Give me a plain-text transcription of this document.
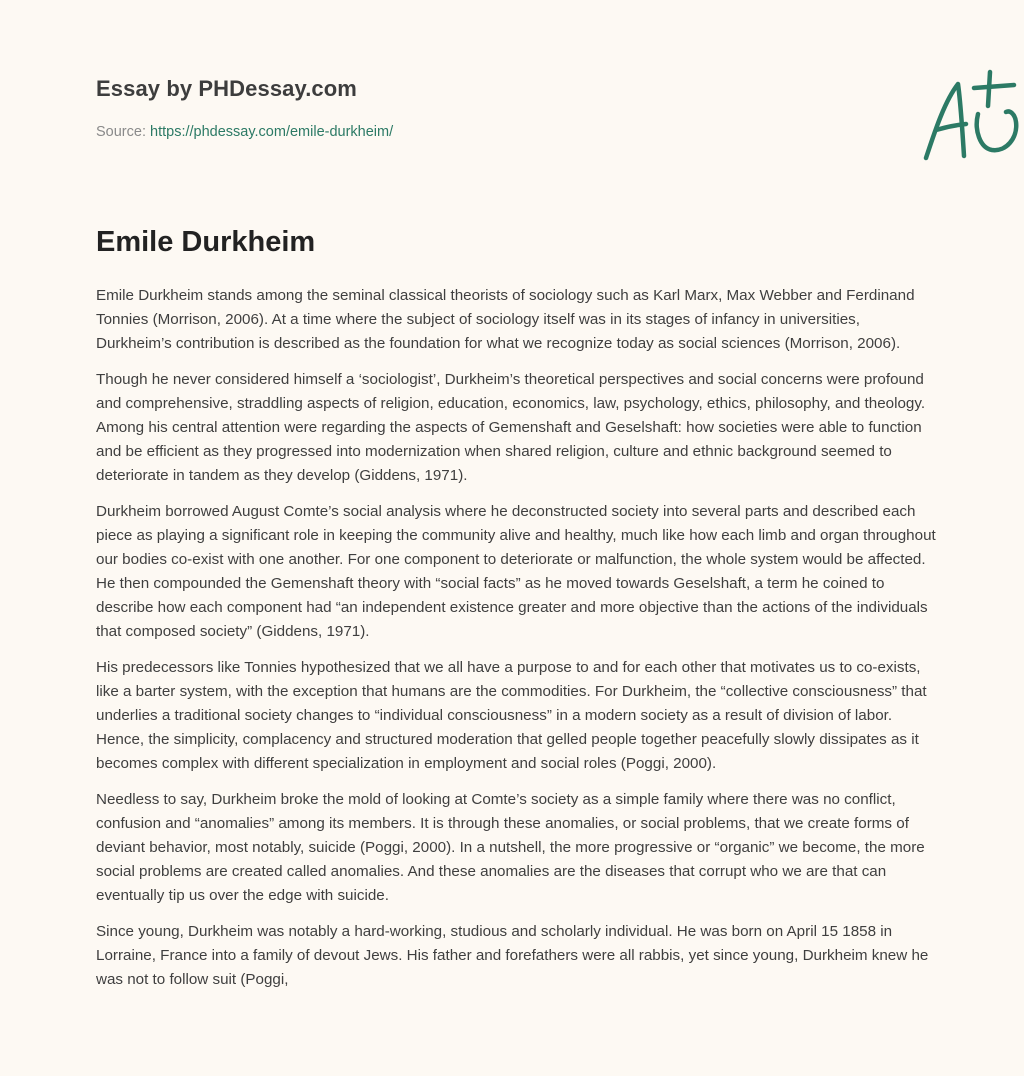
Essay by PHDessay.com
Source: https://phdessay.com/emile-durkheim/
Emile Durkheim

Emile Durkheim stands among the seminal classical theorists of sociology such as Karl Marx, Max Webber and Ferdinand Tonnies (Morrison, 2006). At a time where the subject of sociology itself was in its stages of infancy in universities, Durkheim’s contribution is described as the foundation for what we recognize today as social sciences (Morrison, 2006).

Though he never considered himself a ‘sociologist’, Durkheim’s theoretical perspectives and social concerns were profound and comprehensive, straddling aspects of religion, education, economics, law, psychology, ethics, philosophy, and theology. Among his central attention were regarding the aspects of Gemenshaft and Geselshaft: how societies were able to function and be efficient as they progressed into modernization when shared religion, culture and ethnic background seemed to deteriorate in tandem as they develop (Giddens, 1971).

Durkheim borrowed August Comte’s social analysis where he deconstructed society into several parts and described each piece as playing a significant role in keeping the community alive and healthy, much like how each limb and organ throughout our bodies co-exist with one another. For one component to deteriorate or malfunction, the whole system would be affected. He then compounded the Gemenshaft theory with “social facts” as he moved towards Geselshaft, a term he coined to describe how each component had “an independent existence greater and more objective than the actions of the individuals that composed society” (Giddens, 1971).

His predecessors like Tonnies hypothesized that we all have a purpose to and for each other that motivates us to co-exists, like a barter system, with the exception that humans are the commodities. For Durkheim, the “collective consciousness” that underlies a traditional society changes to “individual consciousness” in a modern society as a result of division of labor. Hence, the simplicity, complacency and structured moderation that gelled people together peacefully slowly dissipates as it becomes complex with different specialization in employment and social roles (Poggi, 2000).

Needless to say, Durkheim broke the mold of looking at Comte’s society as a simple family where there was no conflict, confusion and “anomalies” among its members. It is through these anomalies, or social problems, that we create forms of deviant behavior, most notably, suicide (Poggi, 2000). In a nutshell, the more progressive or “organic” we become, the more social problems are created called anomalies. And these anomalies are the diseases that corrupt who we are that can eventually tip us over the edge with suicide.

Since young, Durkheim was notably a hard-working, studious and scholarly individual. He was born on April 15 1858 in Lorraine, France into a family of devout Jews. His father and forefathers were all rabbis, yet since young, Durkheim knew he was not to follow suit (Poggi,
